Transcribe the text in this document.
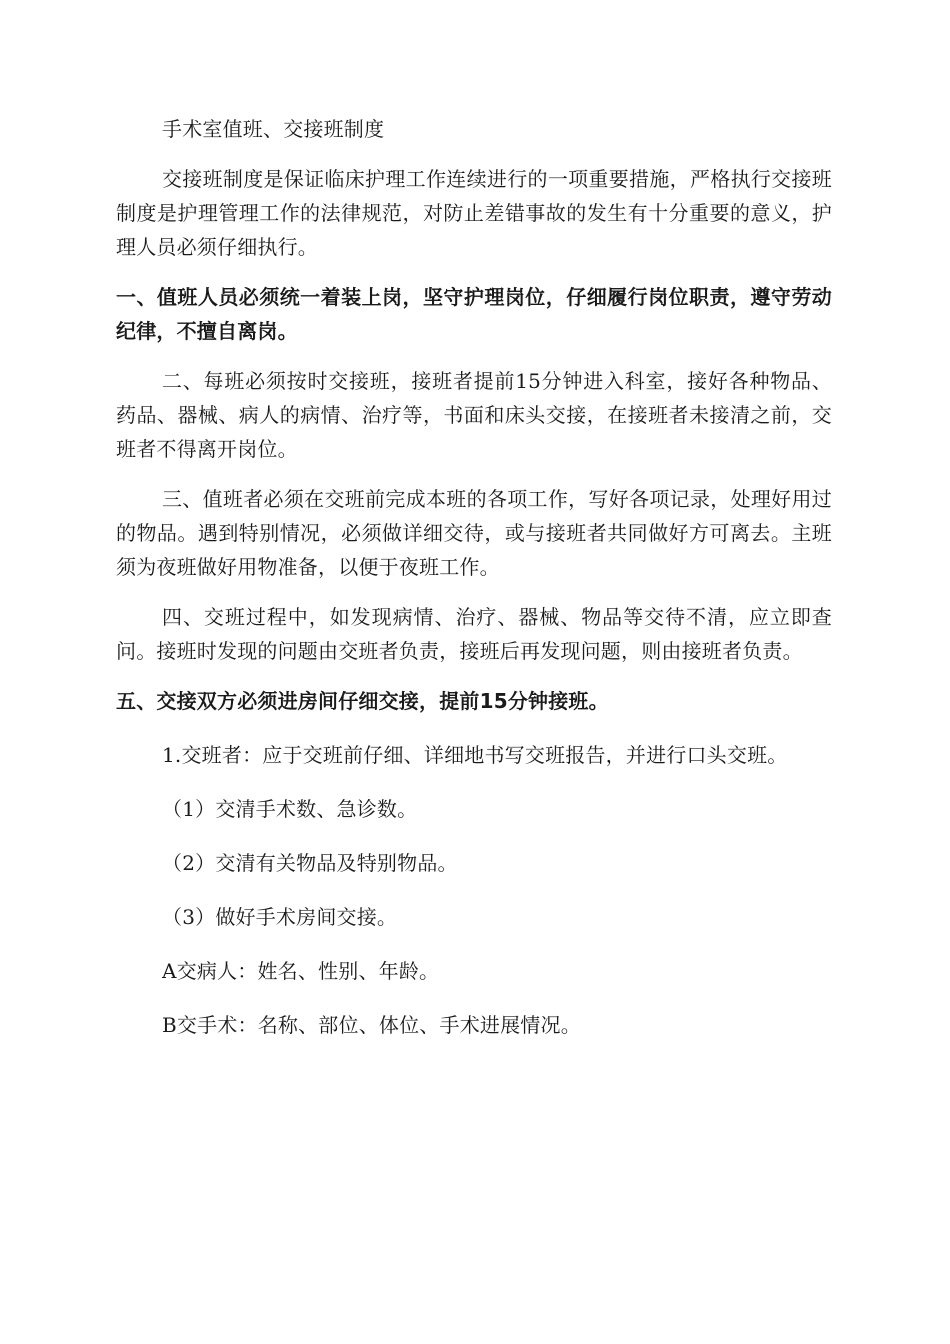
手术室值班、交接班制度

交接班制度是保证临床护理工作连续进行的一项重要措施，严格执行交接班制度是护理管理工作的法律规范，对防止差错事故的发生有十分重要的意义，护理人员必须仔细执行。

一、值班人员必须统一着装上岗，坚守护理岗位，仔细履行岗位职责，遵守劳动纪律，不擅自离岗。

二、每班必须按时交接班，接班者提前15分钟进入科室，接好各种物品、药品、器械、病人的病情、治疗等，书面和床头交接，在接班者未接清之前，交班者不得离开岗位。

三、值班者必须在交班前完成本班的各项工作，写好各项记录，处理好用过的物品。遇到特别情况，必须做详细交待，或与接班者共同做好方可离去。主班须为夜班做好用物准备，以便于夜班工作。

四、交班过程中，如发现病情、治疗、器械、物品等交待不清，应立即查问。接班时发现的问题由交班者负责，接班后再发现问题，则由接班者负责。

五、交接双方必须进房间仔细交接，提前15分钟接班。

1.交班者：应于交班前仔细、详细地书写交班报告，并进行口头交班。

（1）交清手术数、急诊数。

（2）交清有关物品及特别物品。

（3）做好手术房间交接。

A交病人：姓名、性别、年龄。

B交手术：名称、部位、体位、手术进展情况。
